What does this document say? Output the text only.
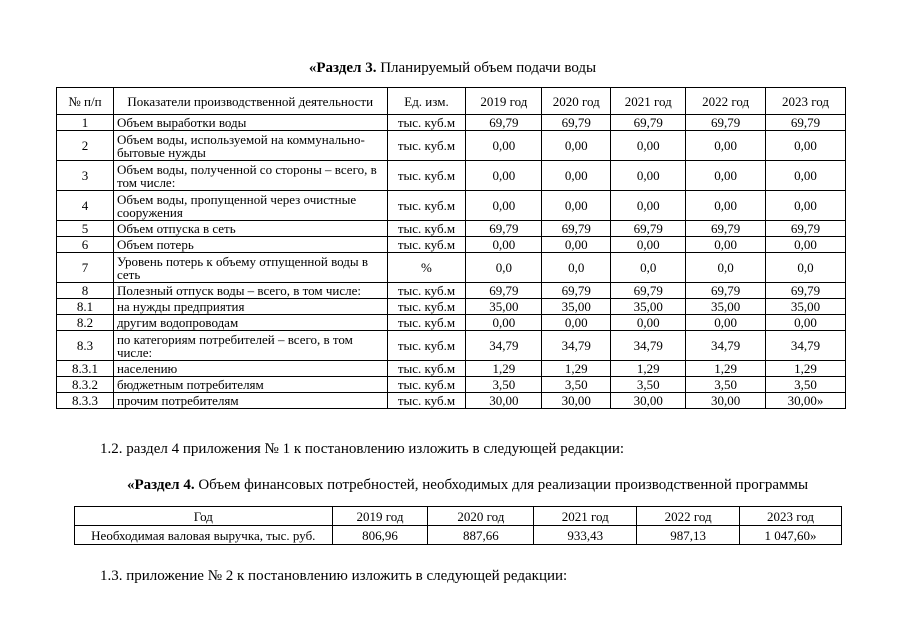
«Раздел 3. Планируемый объем подачи воды
№ п/п	Показатели производственной деятельности	Ед. изм.	2019 год	2020 год	2021 год	2022 год	2023 год
1	Объем выработки воды	тыс. куб.м	69,79	69,79	69,79	69,79	69,79
2	Объем воды, используемой на коммунально-бытовые нужды	тыс. куб.м	0,00	0,00	0,00	0,00	0,00
3	Объем воды, полученной со стороны – всего, в том числе:	тыс. куб.м	0,00	0,00	0,00	0,00	0,00
4	Объем воды, пропущенной через очистные сооружения	тыс. куб.м	0,00	0,00	0,00	0,00	0,00
5	Объем отпуска в сеть	тыс. куб.м	69,79	69,79	69,79	69,79	69,79
6	Объем потерь	тыс. куб.м	0,00	0,00	0,00	0,00	0,00
7	Уровень потерь к объему отпущенной воды в сеть	%	0,0	0,0	0,0	0,0	0,0
8	Полезный отпуск воды – всего, в том числе:	тыс. куб.м	69,79	69,79	69,79	69,79	69,79
8.1	на нужды предприятия	тыс. куб.м	35,00	35,00	35,00	35,00	35,00
8.2	другим водопроводам	тыс. куб.м	0,00	0,00	0,00	0,00	0,00
8.3	по категориям потребителей – всего, в том числе:	тыс. куб.м	34,79	34,79	34,79	34,79	34,79
8.3.1	населению	тыс. куб.м	1,29	1,29	1,29	1,29	1,29
8.3.2	бюджетным потребителям	тыс. куб.м	3,50	3,50	3,50	3,50	3,50
8.3.3	прочим потребителям	тыс. куб.м	30,00	30,00	30,00	30,00	30,00»
1.2. раздел 4 приложения № 1 к постановлению изложить в следующей редакции:
«Раздел 4. Объем финансовых потребностей, необходимых для реализации производственной программы
Год	2019 год	2020 год	2021 год	2022 год	2023 год
Необходимая валовая выручка, тыс. руб.	806,96	887,66	933,43	987,13	1 047,60»
1.3. приложение № 2 к постановлению изложить в следующей редакции:
